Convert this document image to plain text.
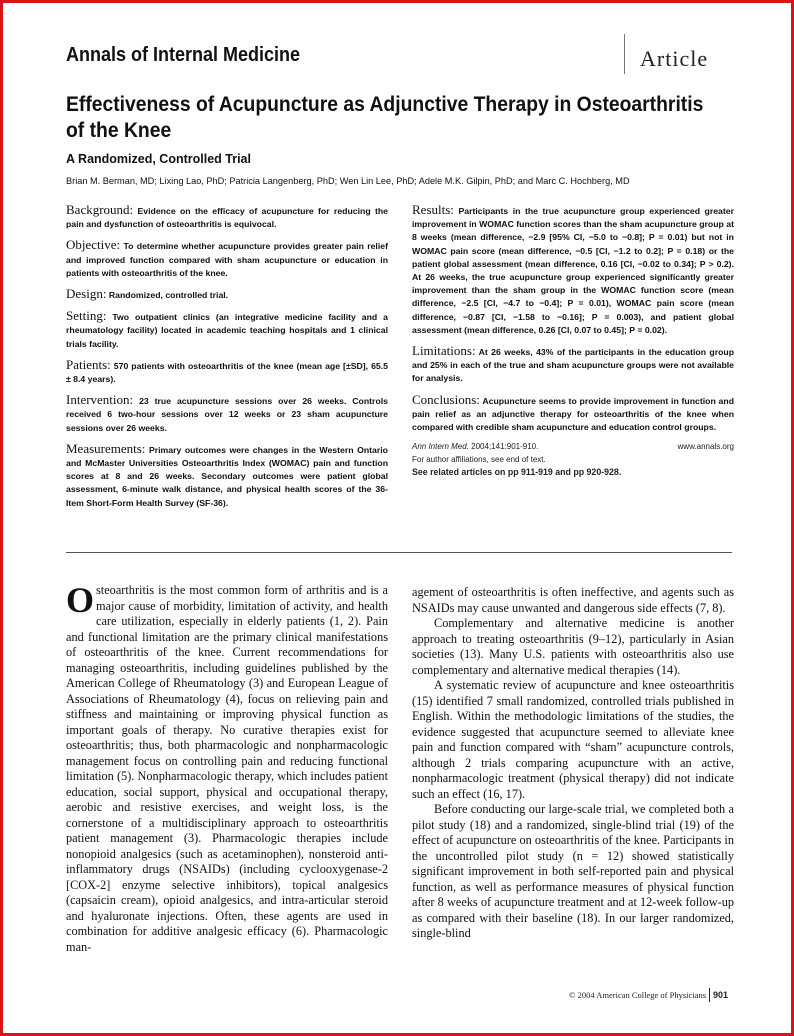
Annals of Internal Medicine	Article
Effectiveness of Acupuncture as Adjunctive Therapy in Osteoarthritis of the Knee
A Randomized, Controlled Trial
Brian M. Berman, MD; Lixing Lao, PhD; Patricia Langenberg, PhD; Wen Lin Lee, PhD; Adele M.K. Gilpin, PhD; and Marc C. Hochberg, MD
Background: Evidence on the efficacy of acupuncture for reducing the pain and dysfunction of osteoarthritis is equivocal.
Objective: To determine whether acupuncture provides greater pain relief and improved function compared with sham acupuncture or education in patients with osteoarthritis of the knee.
Design: Randomized, controlled trial.
Setting: Two outpatient clinics (an integrative medicine facility and a rheumatology facility) located in academic teaching hospitals and 1 clinical trials facility.
Patients: 570 patients with osteoarthritis of the knee (mean age [±SD], 65.5 ± 8.4 years).
Intervention: 23 true acupuncture sessions over 26 weeks. Controls received 6 two-hour sessions over 12 weeks or 23 sham acupuncture sessions over 26 weeks.
Measurements: Primary outcomes were changes in the Western Ontario and McMaster Universities Osteoarthritis Index (WOMAC) pain and function scores at 8 and 26 weeks. Secondary outcomes were patient global assessment, 6-minute walk distance, and physical health scores of the 36-Item Short-Form Health Survey (SF-36).
Results: Participants in the true acupuncture group experienced greater improvement in WOMAC function scores than the sham acupuncture group at 8 weeks (mean difference, −2.9 [95% CI, −5.0 to −0.8]; P = 0.01) but not in WOMAC pain score (mean difference, −0.5 [CI, −1.2 to 0.2]; P = 0.18) or the patient global assessment (mean difference, 0.16 [CI, −0.02 to 0.34]; P > 0.2). At 26 weeks, the true acupuncture group experienced significantly greater improvement than the sham group in the WOMAC function score (mean difference, −2.5 [CI, −4.7 to −0.4]; P = 0.01), WOMAC pain score (mean difference, −0.87 [CI, −1.58 to −0.16]; P = 0.003), and patient global assessment (mean difference, 0.26 [CI, 0.07 to 0.45]; P = 0.02).
Limitations: At 26 weeks, 43% of the participants in the education group and 25% in each of the true and sham acupuncture groups were not available for analysis.
Conclusions: Acupuncture seems to provide improvement in function and pain relief as an adjunctive therapy for osteoarthritis of the knee when compared with credible sham acupuncture and education control groups.
Ann Intern Med. 2004;141:901-910.	www.annals.org
For author affiliations, see end of text.
See related articles on pp 911-919 and pp 920-928.

Osteoarthritis is the most common form of arthritis and is a major cause of morbidity, limitation of activity, and health care utilization, especially in elderly patients (1, 2). Pain and functional limitation are the primary clinical manifestations of osteoarthritis of the knee. Current recommendations for managing osteoarthritis, including guidelines published by the American College of Rheumatology (3) and European League of Associations of Rheumatology (4), focus on relieving pain and stiffness and maintaining or improving physical function as important goals of therapy. No curative therapies exist for osteoarthritis; thus, both pharmacologic and nonpharmacologic management focus on controlling pain and reducing functional limitation (5). Nonpharmacologic therapy, which includes patient education, social support, physical and occupational therapy, aerobic and resistive exercises, and weight loss, is the cornerstone of a multidisciplinary approach to osteoarthritis patient management (3). Pharmacologic therapies include nonopioid analgesics (such as acetaminophen), nonsteroid anti-inflammatory drugs (NSAIDs) (including cyclooxygenase-2 [COX-2] enzyme selective inhibitors), topical analgesics (capsaicin cream), opioid analgesics, and intra-articular steroid and hyaluronate injections. Often, these agents are used in combination for additive analgesic efficacy (6). Pharmacologic man-

agement of osteoarthritis is often ineffective, and agents such as NSAIDs may cause unwanted and dangerous side effects (7, 8).

Complementary and alternative medicine is another approach to treating osteoarthritis (9–12), particularly in Asian societies (13). Many U.S. patients with osteoarthritis also use complementary and alternative medical therapies (14).

A systematic review of acupuncture and knee osteoarthritis (15) identified 7 small randomized, controlled trials published in English. Within the methodologic limitations of the studies, the evidence suggested that acupuncture seemed to alleviate knee pain and function compared with “sham” acupuncture controls, although 2 trials comparing acupuncture with an active, nonpharmacologic treatment (physical therapy) did not indicate such an effect (16, 17).

Before conducting our large-scale trial, we completed both a pilot study (18) and a randomized, single-blind trial (19) of the effect of acupuncture on osteoarthritis of the knee. Participants in the uncontrolled pilot study (n = 12) showed statistically significant improvement in both self-reported pain and physical function, as well as performance measures of physical function after 8 weeks of acupuncture treatment and at 12-week follow-up as compared with their baseline (18). In our larger randomized, single-blind

© 2004 American College of Physicians 901
